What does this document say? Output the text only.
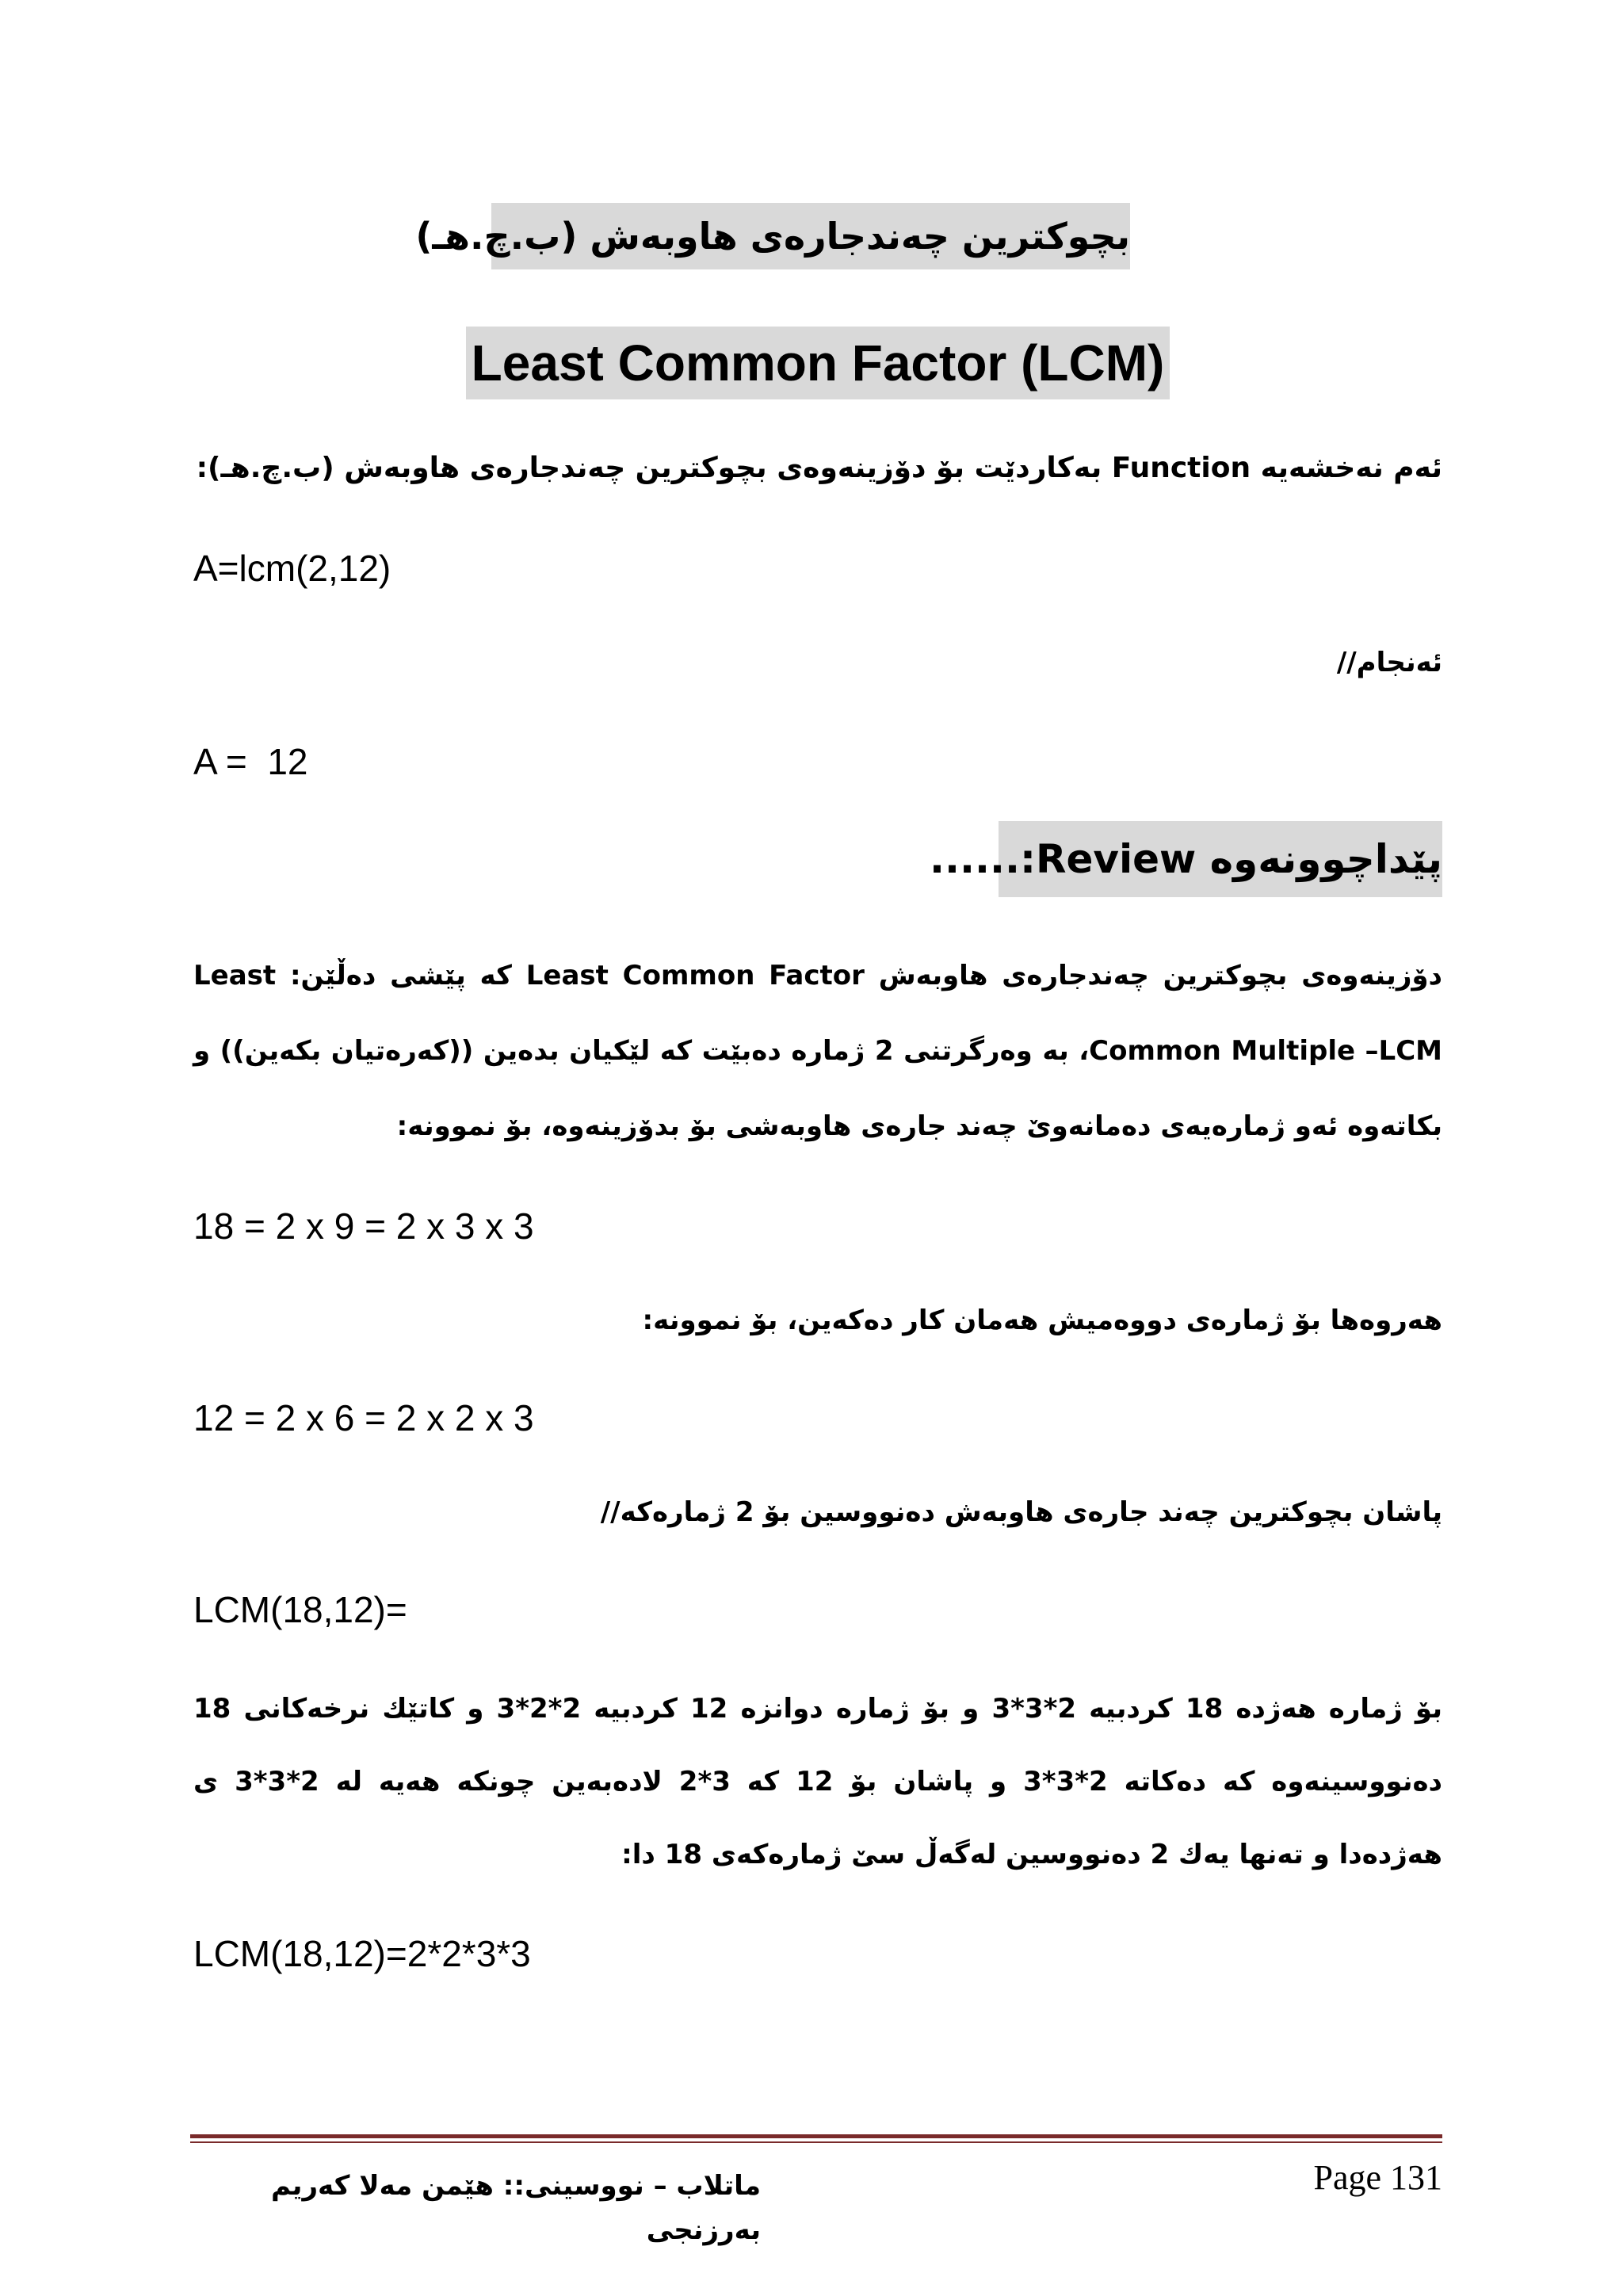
بچوکترین چەندجارەی هاوبەش (ب.چ.هـ)
Least Common Factor (LCM)
ئەم نەخشەیە Function بەکاردێت بۆ دۆزینەوەی بچوکترین چەندجارەی هاوبەش (ب.چ.هـ):
A=lcm(2,12)
ئەنجام//
A =  12
پێداچوونەوە Review:......
دۆزینەوەی بچوکترین چەندجارەی هاوبەش Least Common Factor کە پێشی دەڵێن: Least Common Multiple –LCM، بە وەرگرتنی 2 ژمارە دەبێت کە لێکیان بدەین ((کەرەتیان بکەین)) و بکاتەوە ئەو ژمارەیەی دەمانەوێ چەند جارەی هاوبەشی بۆ بدۆزینەوە، بۆ نموونە:
18 = 2 x 9 = 2 x 3 x 3
هەروەها بۆ ژمارەی دووەمیش هەمان کار دەکەین، بۆ نموونە:
12 = 2 x 6 = 2 x 2 x 3
پاشان بچوکترین چەند جارەی هاوبەش دەنووسین بۆ 2 ژمارەکە//
LCM(18,12)=
بۆ ژمارە هەژدە 18 کردبیە 2*3*3 و بۆ ژمارە دوانزە 12 کردبیە 2*2*3 و کاتێك نرخەکانی 18 دەنووسینەوە کە دەکاتە 2*3*3 و پاشان بۆ 12 کە 3*2 لادەبەین چونکە هەیە لە 2*3*3 ی هەژدەدا و تەنها یەك 2 دەنووسین لەگەڵ سێ ژمارەکەی 18 دا:
LCM(18,12)=2*2*3*3
ماتلاب – نووسینی:: هێمن مەلا کەریم بەرزنجی
Page 131
